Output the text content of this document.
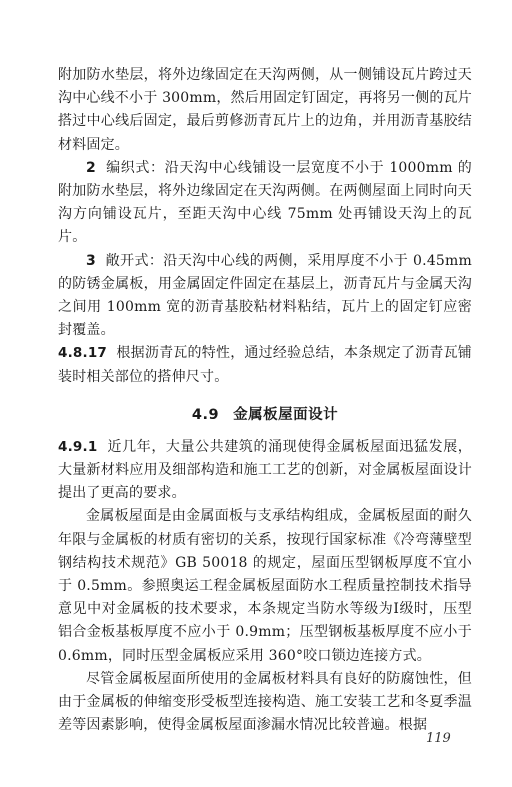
附加防水垫层，将外边缘固定在天沟两侧，从一侧铺设瓦片跨过天沟中心线不小于 300mm，然后用固定钉固定，再将另一侧的瓦片搭过中心线后固定，最后剪修沥青瓦片上的边角，并用沥青基胶结材料固定。

2 编织式：沿天沟中心线铺设一层宽度不小于 1000mm 的附加防水垫层，将外边缘固定在天沟两侧。在两侧屋面上同时向天沟方向铺设瓦片，至距天沟中心线 75mm 处再铺设天沟上的瓦片。

3 敞开式：沿天沟中心线的两侧，采用厚度不小于 0.45mm 的防锈金属板，用金属固定件固定在基层上，沥青瓦片与金属天沟之间用 100mm 宽的沥青基胶粘材料粘结，瓦片上的固定钉应密封覆盖。

4.8.17 根据沥青瓦的特性，通过经验总结，本条规定了沥青瓦铺装时相关部位的搭伸尺寸。

4.9 金属板屋面设计

4.9.1 近几年，大量公共建筑的涌现使得金属板屋面迅猛发展，大量新材料应用及细部构造和施工工艺的创新，对金属板屋面设计提出了更高的要求。

金属板屋面是由金属面板与支承结构组成，金属板屋面的耐久年限与金属板的材质有密切的关系，按现行国家标准《冷弯薄壁型钢结构技术规范》GB 50018 的规定，屋面压型钢板厚度不宜小于 0.5mm。参照奥运工程金属板屋面防水工程质量控制技术指导意见中对金属板的技术要求，本条规定当防水等级为Ⅰ级时，压型铝合金板基板厚度不应小于 0.9mm；压型钢板基板厚度不应小于 0.6mm，同时压型金属板应采用 360°咬口锁边连接方式。

尽管金属板屋面所使用的金属板材料具有良好的防腐蚀性，但由于金属板的伸缩变形受板型连接构造、施工安装工艺和冬夏季温差等因素影响，使得金属板屋面渗漏水情况比较普遍。根据

119
